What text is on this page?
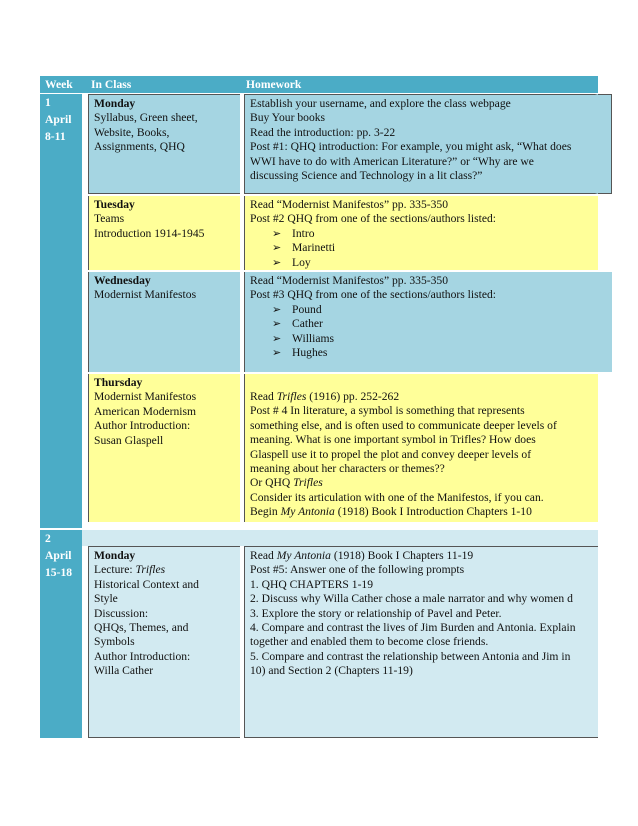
Week	In Class	Homework
1
April
8-11
Monday
Syllabus, Green sheet,
Website, Books,
Assignments, QHQ
Establish your username, and explore the class webpage
Buy Your books
Read the introduction: pp. 3-22
Post #1: QHQ introduction: For example, you might ask, “What does
WWI have to do with American Literature?” or “Why are we
discussing Science and Technology in a lit class?”
Tuesday
Teams
Introduction 1914-1945
Read “Modernist Manifestos” pp. 335-350
Post #2 QHQ from one of the sections/authors listed:
➢ Intro
➢ Marinetti
➢ Loy
Wednesday
Modernist Manifestos
Read “Modernist Manifestos” pp. 335-350
Post #3 QHQ from one of the sections/authors listed:
➢ Pound
➢ Cather
➢ Williams
➢ Hughes
Thursday
Modernist Manifestos
American Modernism
Author Introduction:
Susan Glaspell
Read Trifles (1916) pp. 252-262
Post # 4 In literature, a symbol is something that represents
something else, and is often used to communicate deeper levels of
meaning. What is one important symbol in Trifles? How does
Glaspell use it to propel the plot and convey deeper levels of
meaning about her characters or themes??
Or QHQ Trifles
Consider its articulation with one of the Manifestos, if you can.
Begin My Antonia (1918) Book I Introduction Chapters 1-10
2
April
15-18
Monday
Lecture: Trifles
Historical Context and
Style
Discussion:
QHQs, Themes, and
Symbols
Author Introduction:
Willa Cather
Read My Antonia (1918) Book I Chapters 11-19
Post #5: Answer one of the following prompts
1. QHQ CHAPTERS 1-19
2. Discuss why Willa Cather chose a male narrator and why women d
3. Explore the story or relationship of Pavel and Peter.
4. Compare and contrast the lives of Jim Burden and Antonia. Explain
together and enabled them to become close friends.
5. Compare and contrast the relationship between Antonia and Jim in
10) and Section 2 (Chapters 11-19)
